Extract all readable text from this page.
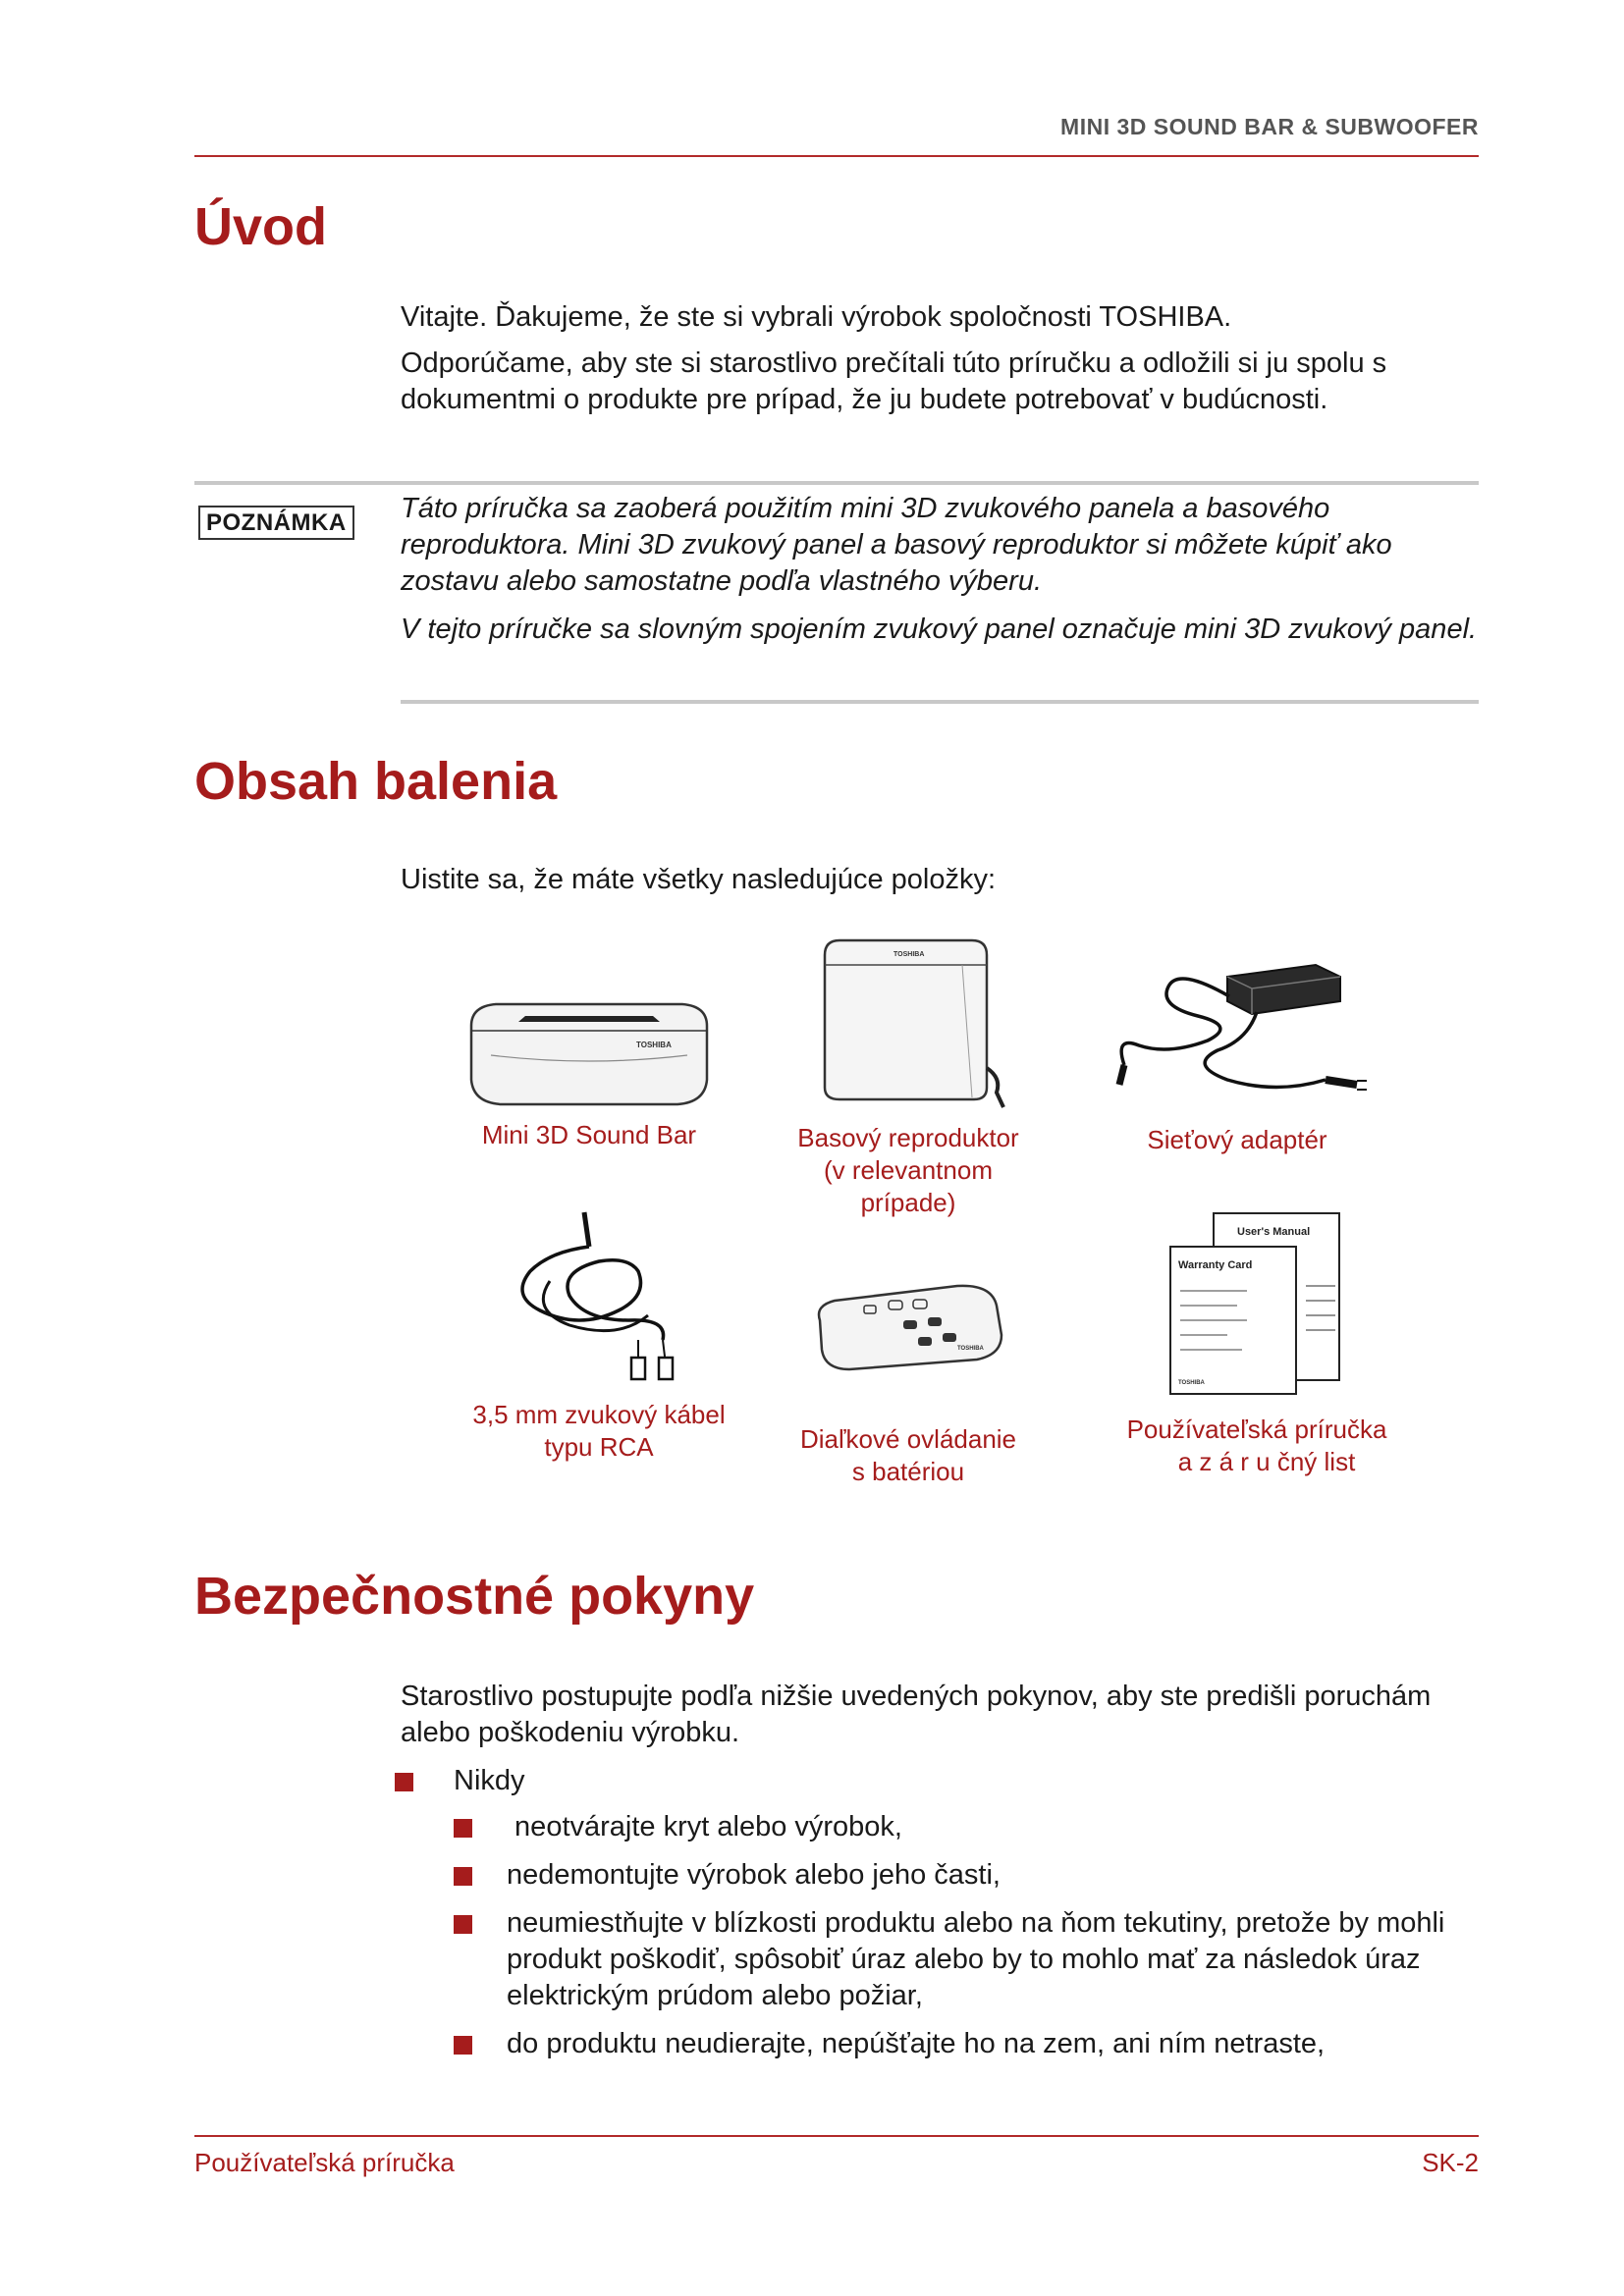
MINI 3D SOUND BAR & SUBWOOFER
Úvod

Vitajte. Ďakujeme, že ste si vybrali výrobok spoločnosti TOSHIBA.

Odporúčame, aby ste si starostlivo prečítali túto príručku a odložili si ju spolu s dokumentmi o produkte pre prípad, že ju budete potrebovať v budúcnosti.

POZNÁMKA Táto príručka sa zaoberá použitím mini 3D zvukového panela a basového reproduktora. Mini 3D zvukový panel a basový reproduktor si môžete kúpiť ako zostavu alebo samostatne podľa vlastného výberu.

V tejto príručke sa slovným spojením zvukový panel označuje mini 3D zvukový panel.

Obsah balenia
Uistite sa, že máte všetky nasledujúce položky:
TOSHIBA
Mini 3D Sound Bar
TOSHIBA
Basový reproduktor
(v relevantnom
prípade)
Sieťový adaptér
3,5 mm zvukový kábel
typu RCA
TOSHIBA
Diaľkové ovládanie
s batériou
User's Manual
Warranty Card
TOSHIBA
Používateľská príručka
a z á r u čný list
Bezpečnostné pokyny

Starostlivo postupujte podľa nižšie uvedených pokynov, aby ste predišli poruchám alebo poškodeniu výrobku.

Nikdy
neotvárajte kryt alebo výrobok,
nedemontujte výrobok alebo jeho časti,
neumiestňujte v blízkosti produktu alebo na ňom tekutiny, pretože by mohli produkt poškodiť, spôsobiť úraz alebo by to mohlo mať za následok úraz elektrickým prúdom alebo požiar,
do produktu neudierajte, nepúšťajte ho na zem, ani ním netraste,
Používateľská príručka	SK-2
